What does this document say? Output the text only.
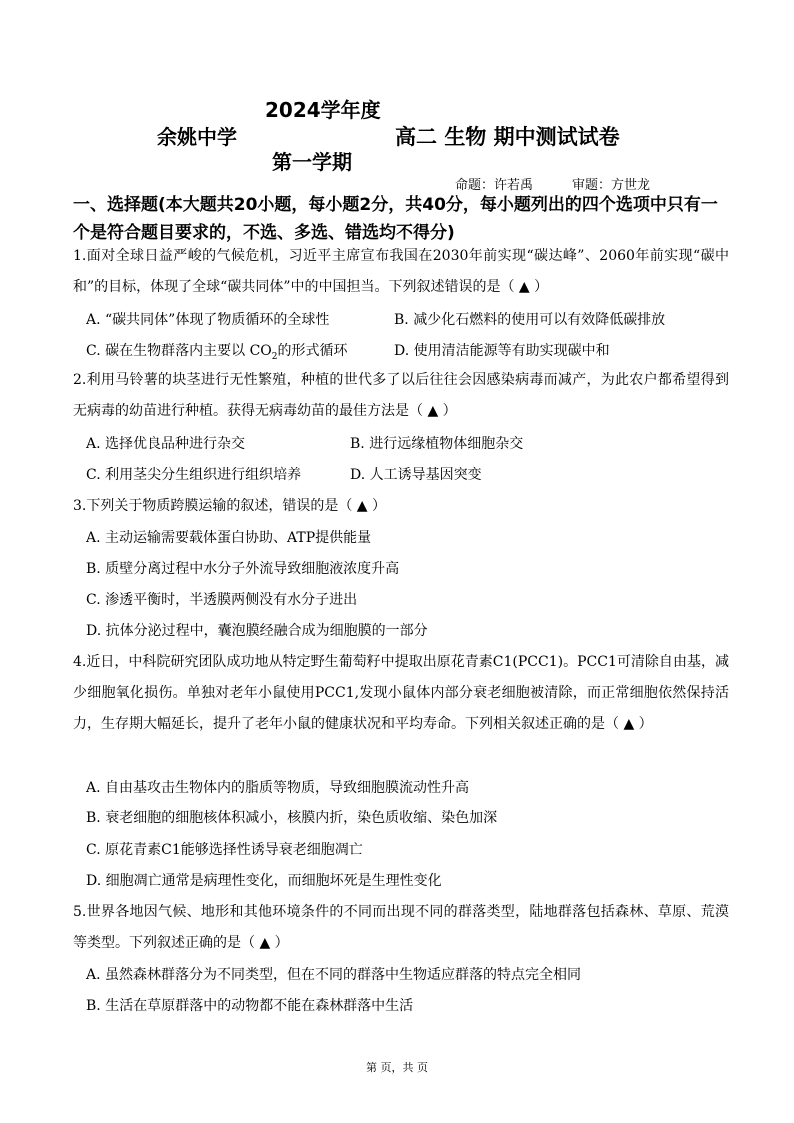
2024学年度
余姚中学
第一学期
高二 生物 期中测试试卷
命题：许若禹	审题：方世龙
一、选择题(本大题共20小题，每小题2分，共40分，每小题列出的四个选项中只有一个是符合题目要求的，不选、多选、错选均不得分)
1.面对全球日益严峻的气候危机，习近平主席宣布我国在2030年前实现“碳达峰”、2060年前实现“碳中和”的目标，体现了全球“碳共同体”中的中国担当。下列叙述错误的是（ ▲ ）
A. “碳共同体”体现了物质循环的全球性	B. 减少化石燃料的使用可以有效降低碳排放
C. 碳在生物群落内主要以 $CO_2$的形式循环	D. 使用清洁能源等有助实现碳中和
2.利用马铃薯的块茎进行无性繁殖，种植的世代多了以后往往会因感染病毒而减产，为此农户都希望得到无病毒的幼苗进行种植。获得无病毒幼苗的最佳方法是（ ▲ ）
A. 选择优良品种进行杂交	B. 进行远缘植物体细胞杂交
C. 利用茎尖分生组织进行组织培养	D. 人工诱导基因突变
3.下列关于物质跨膜运输的叙述，错误的是（ ▲ ）
A. 主动运输需要载体蛋白协助、ATP提供能量
B. 质壁分离过程中水分子外流导致细胞液浓度升高
C. 渗透平衡时，半透膜两侧没有水分子进出
D. 抗体分泌过程中，囊泡膜经融合成为细胞膜的一部分
4.近日，中科院研究团队成功地从特定野生葡萄籽中提取出原花青素C1(PCC1)。PCC1可清除自由基，减少细胞氧化损伤。单独对老年小鼠使用PCC1,发现小鼠体内部分衰老细胞被清除，而正常细胞依然保持活力，生存期大幅延长，提升了老年小鼠的健康状况和平均寿命。下列相关叙述正确的是（ ▲ ）
A. 自由基攻击生物体内的脂质等物质，导致细胞膜流动性升高
B. 衰老细胞的细胞核体积减小，核膜内折，染色质收缩、染色加深
C. 原花青素C1能够选择性诱导衰老细胞凋亡
D. 细胞凋亡通常是病理性变化，而细胞坏死是生理性变化
5.世界各地因气候、地形和其他环境条件的不同而出现不同的群落类型，陆地群落包括森林、草原、荒漠等类型。下列叙述正确的是（ ▲ ）
A. 虽然森林群落分为不同类型，但在不同的群落中生物适应群落的特点完全相同
B. 生活在草原群落中的动物都不能在森林群落中生活
第 页，共 页
